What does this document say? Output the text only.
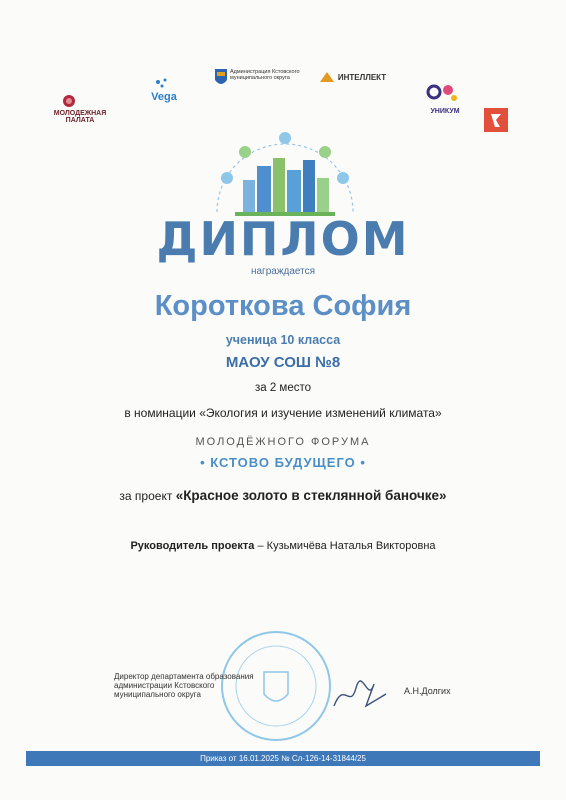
МОЛОДЕЖНАЯ ПАЛАТА
Vega
Администрация Кстовского муниципального округа	ИНТЕЛЛЕКТ
УНИКУМ
ДИПЛОМ
награждается
Короткова София
ученица 10 класса
МАОУ СОШ №8
за 2 место
в номинации «Экология и изучение изменений климата»
МОЛОДЁЖНОГО ФОРУМА
• КСТОВО БУДУЩЕГО •
за проект «Красное золото в стеклянной баночке»
Руководитель проекта – Кузьмичёва Наталья Викторовна
Директор департамента образования администрации Кстовского муниципального округа	А.Н.Долгих
Приказ от 16.01.2025 № Сл-126-14-31844/25
